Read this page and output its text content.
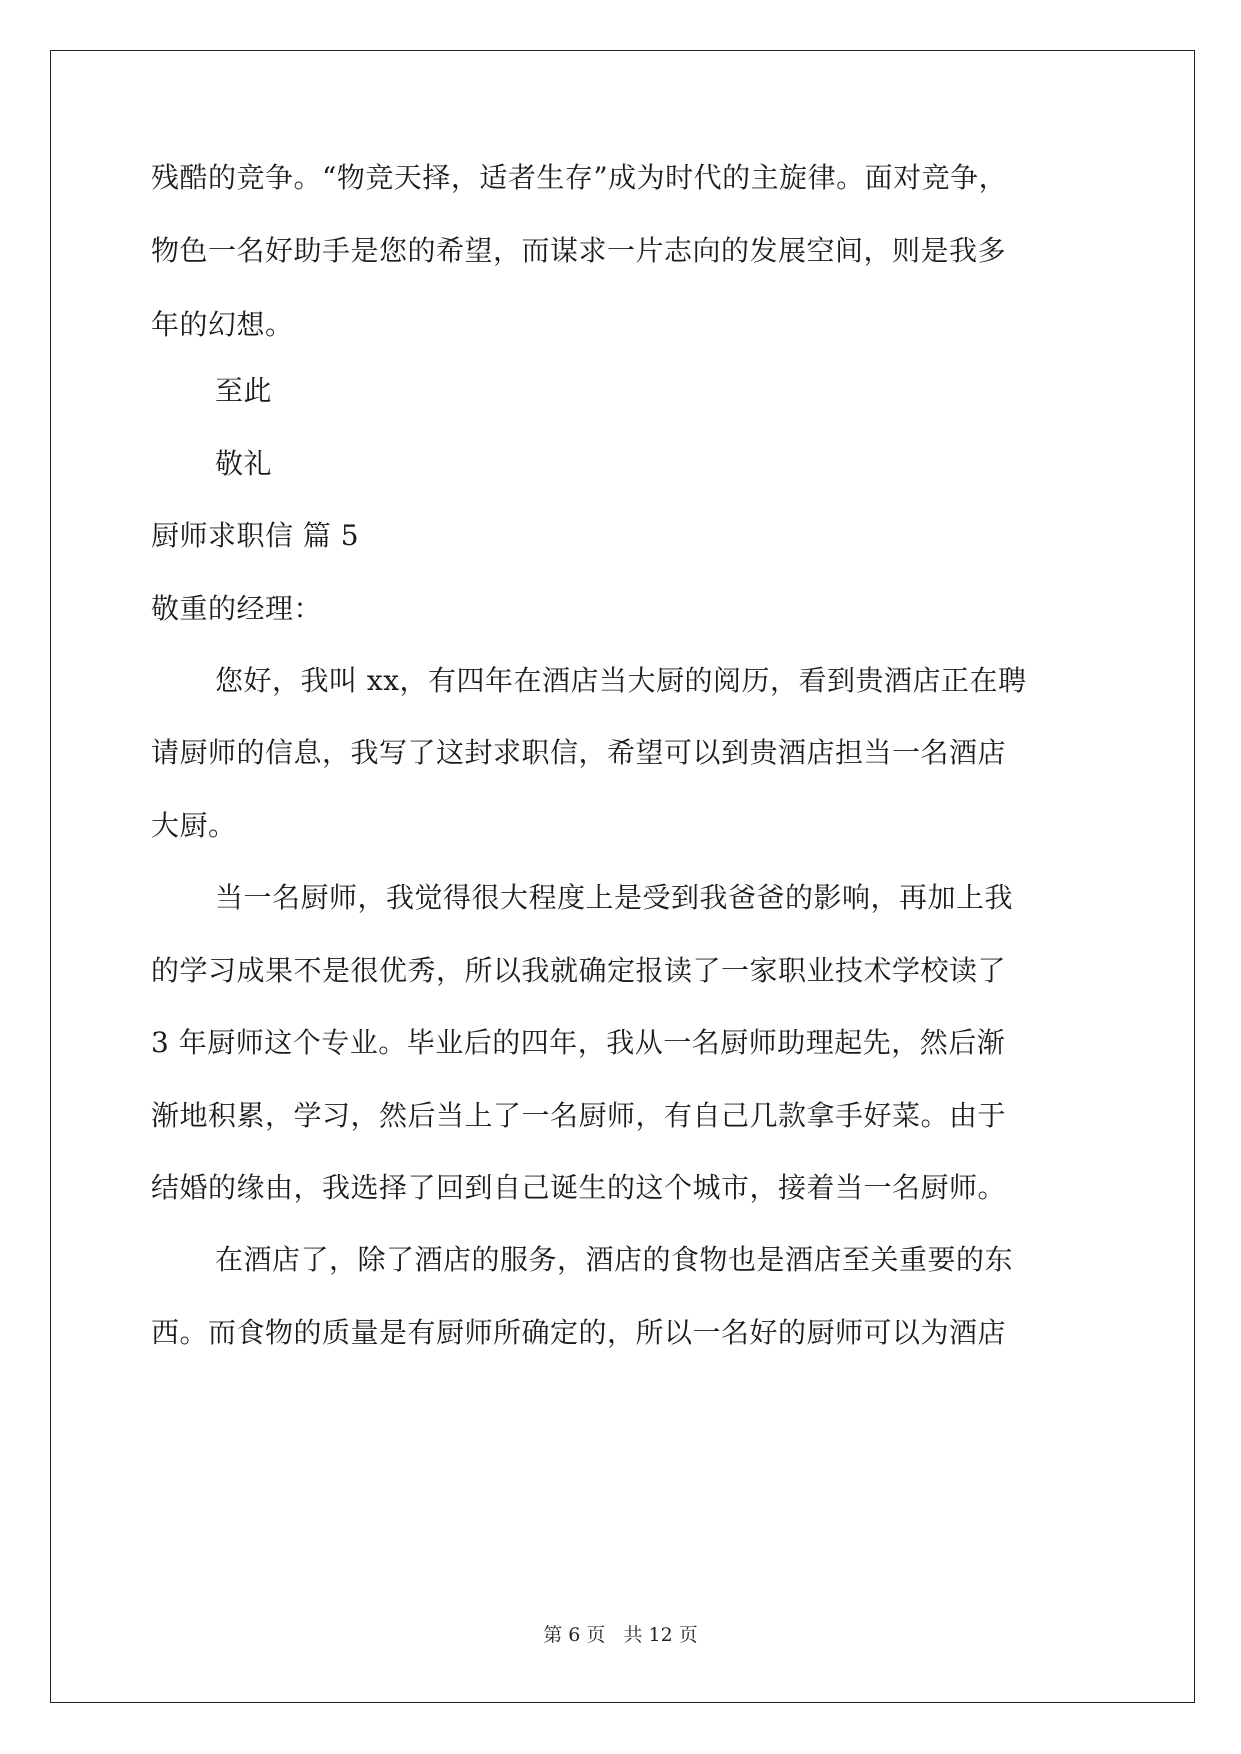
残酷的竞争。“物竞天择，适者生存”成为时代的主旋律。面对竞争，
物色一名好助手是您的希望，而谋求一片志向的发展空间，则是我多
年的幻想。
至此
敬礼
厨师求职信 篇 5
敬重的经理：
您好，我叫 xx，有四年在酒店当大厨的阅历，看到贵酒店正在聘
请厨师的信息，我写了这封求职信，希望可以到贵酒店担当一名酒店
大厨。
当一名厨师，我觉得很大程度上是受到我爸爸的影响，再加上我
的学习成果不是很优秀，所以我就确定报读了一家职业技术学校读了
3 年厨师这个专业。毕业后的四年，我从一名厨师助理起先，然后渐
渐地积累，学习，然后当上了一名厨师，有自己几款拿手好菜。由于
结婚的缘由，我选择了回到自己诞生的这个城市，接着当一名厨师。
在酒店了，除了酒店的服务，酒店的食物也是酒店至关重要的东
西。而食物的质量是有厨师所确定的，所以一名好的厨师可以为酒店
第 6 页 共 12 页
